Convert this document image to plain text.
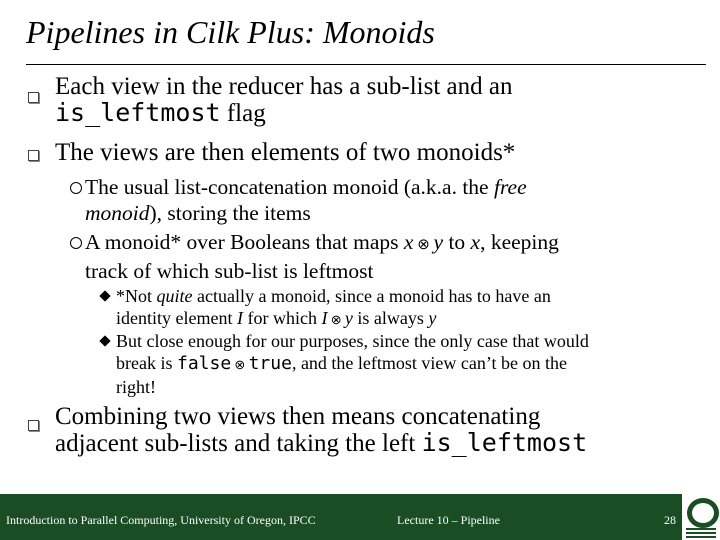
Pipelines in Cilk Plus: Monoids
Each view in the reducer has a sub-list and an
is_leftmost flag
The views are then elements of two monoids*
The usual list-concatenation monoid (a.k.a. the free
monoid), storing the items
A monoid* over Booleans that maps x ⊗ y to x, keeping
track of which sub-list is leftmost
*Not quite actually a monoid, since a monoid has to have an
identity element I for which I ⊗ y is always y
But close enough for our purposes, since the only case that would
break is false ⊗ true, and the leftmost view can’t be on the
right!
Combining two views then means concatenating
adjacent sub-lists and taking the left is_leftmost
Introduction to Parallel Computing, University of Oregon, IPCC	Lecture 10 – Pipeline	28
